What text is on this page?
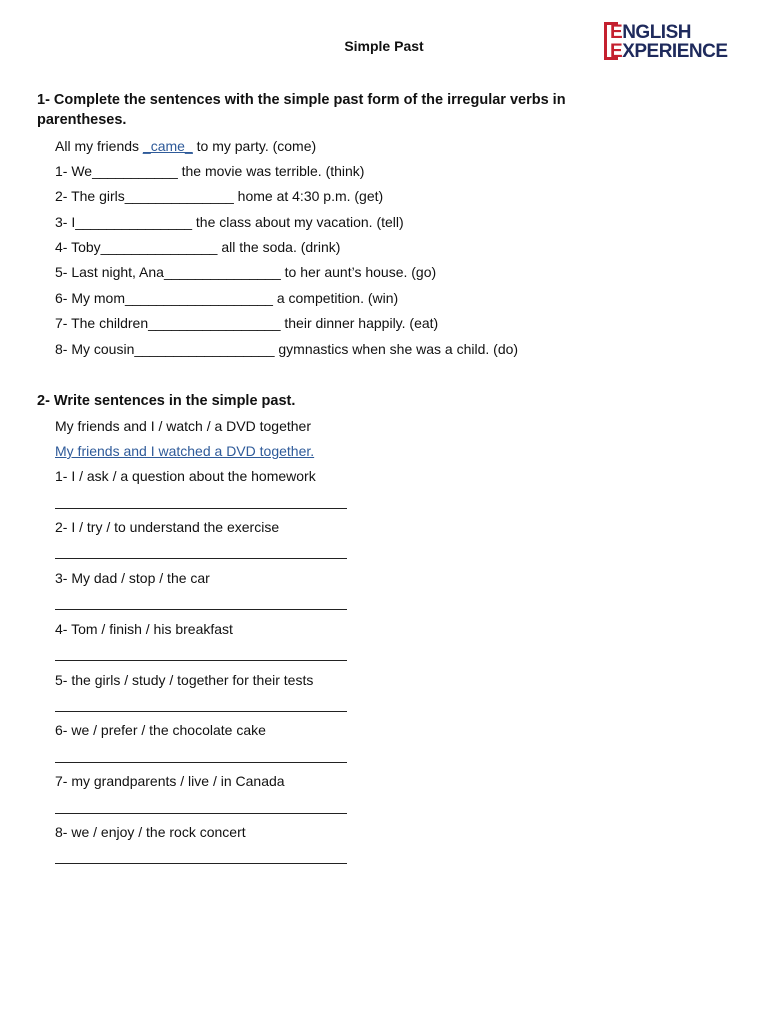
Simple Past
ENGLISH
EXPERIENCE
1- Complete the sentences with the simple past form of the irregular verbs in parentheses.
All my friends _came_ to my party. (come)
1- We___________ the movie was terrible. (think)
2- The girls______________ home at 4:30 p.m. (get)
3- I_______________ the class about my vacation. (tell)
4- Toby_______________ all the soda. (drink)
5- Last night, Ana_______________ to her aunt’s house. (go)
6- My mom___________________ a competition. (win)
7- The children_________________ their dinner happily. (eat)
8- My cousin__________________ gymnastics when she was a child. (do)
2- Write sentences in the simple past.
My friends and I / watch / a DVD together
My friends and I watched a DVD together.
1- I / ask / a question about the homework
2- I / try / to understand the exercise
3- My dad / stop / the car
4- Tom / finish / his breakfast
5- the girls / study / together for their tests
6- we / prefer / the chocolate cake
7- my grandparents / live / in Canada
8- we / enjoy / the rock concert
